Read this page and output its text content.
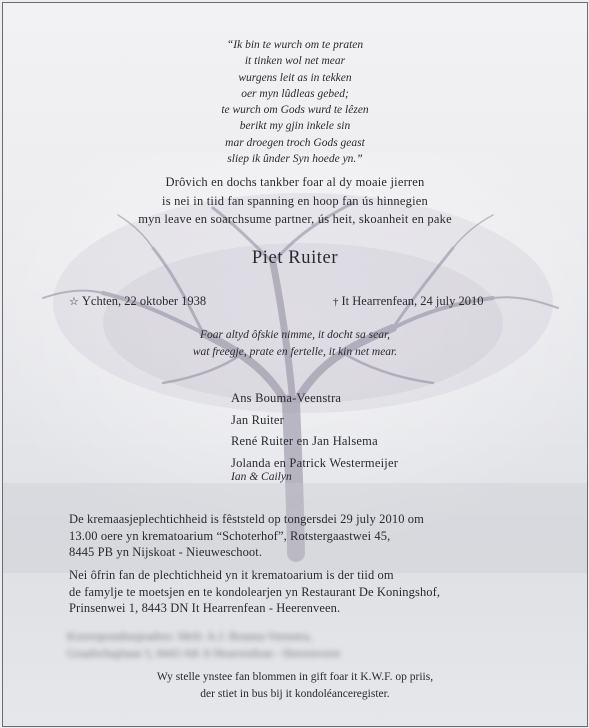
“Ik bin te wurch om te praten
it tinken wol net mear
wurgens leit as in tekken
oer myn lûdleas gebed;
te wurch om Gods wurd te lêzen
berikt my gjin inkele sin
mar droegen troch Gods geast
sliep ik ûnder Syn hoede yn.”
Drôvich en dochs tankber foar al dy moaie jierren
is nei in tiid fan spanning en hoop fan ús hinnegien
myn leave en soarchsume partner, ús heit, skoanheit en pake
Piet Ruiter
☆ Ychten, 22 oktober 1938	† It Hearrenfean, 24 july 2010
Foar altyd ôfskie nimme, it docht sa sear,
wat freegje, prate en fertelle, it kin net mear.
Ans Bouma-Veenstra
Jan Ruiter
René Ruiter en Jan Halsema
Jolanda en Patrick Westermeijer
Ian & Cailyn
De kremaasjeplechtichheid is fêststeld op tongersdei 29 july 2010 om
13.00 oere yn krematoarium “Schoterhof”, Rotstergaastwei 45,
8445 PB yn Nijskoat - Nieuweschoot.
Nei ôfrin fan de plechtichheid yn it krematoarium is der tiid om
de famylje te moetsjen en te kondolearjen yn Restaurant De Koningshof,
Prinsenwei 1, 8443 DN It Hearrenfean - Heerenveen.
Korrespondinsjeadres: Mefr. A.J. Bouma-Veenstra,
Graafschaplaan 5, 8443 AK It Hearrenfean - Heerenveen
Wy stelle ynstee fan blommen in gift foar it K.W.F. op priis,
der stiet in bus bij it kondoléanceregister.
